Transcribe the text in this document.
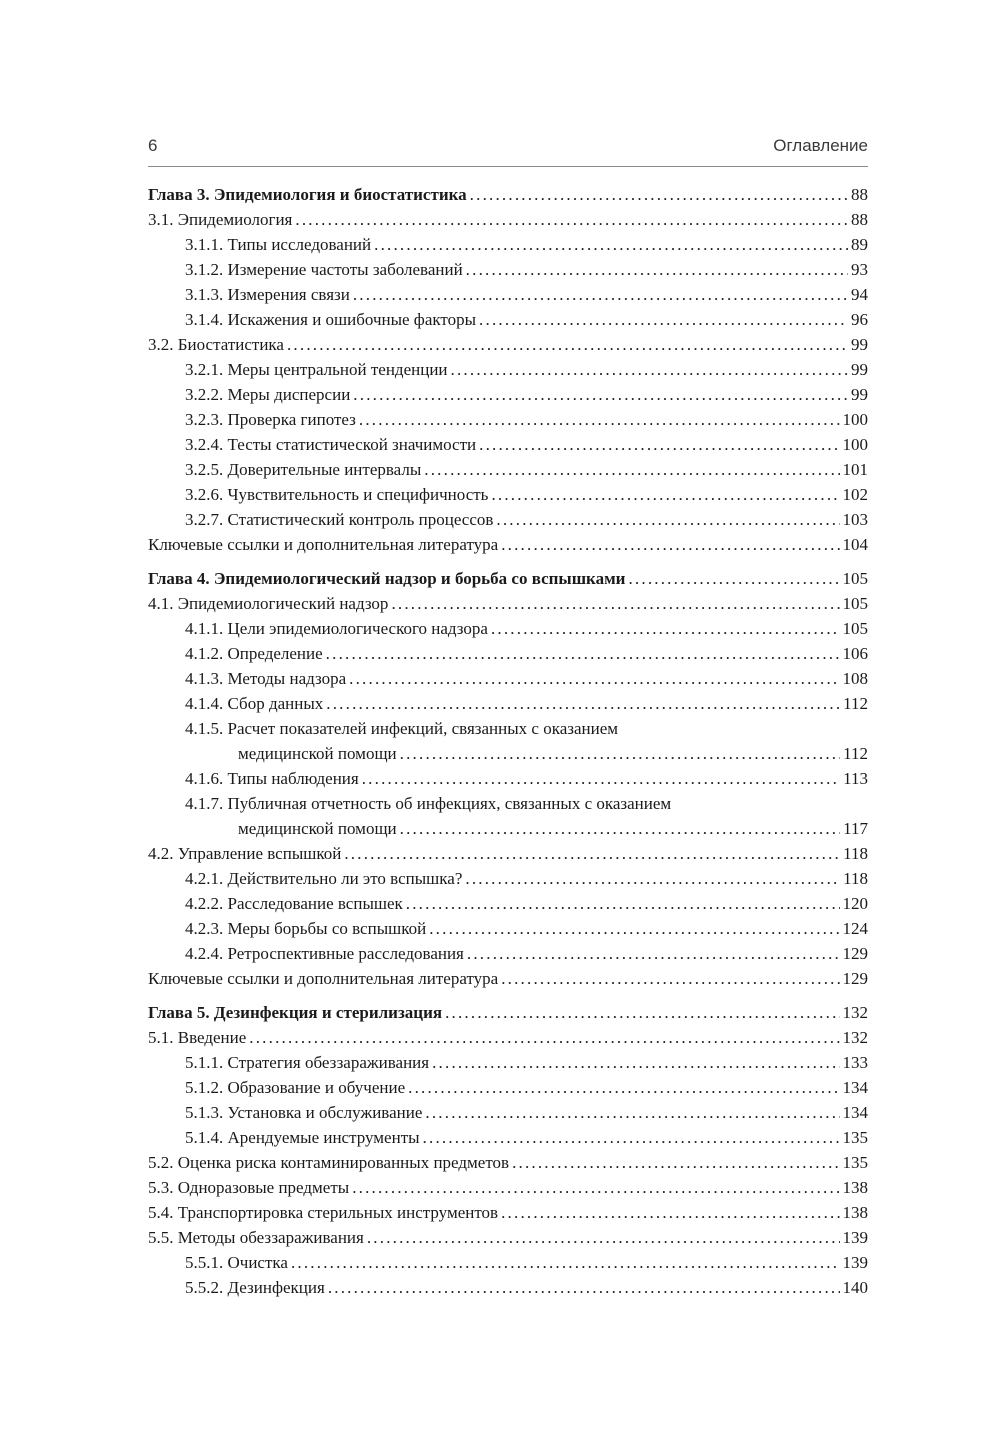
6	Оглавление
Глава 3. Эпидемиология и биостатистика .....	88
3.1. Эпидемиология .....	88
3.1.1. Типы исследований .....	89
3.1.2. Измерение частоты заболеваний .....	93
3.1.3. Измерения связи .....	94
3.1.4. Искажения и ошибочные факторы .....	96
3.2. Биостатистика .....	99
3.2.1. Меры центральной тенденции .....	99
3.2.2. Меры дисперсии .....	99
3.2.3. Проверка гипотез .....	100
3.2.4. Тесты статистической значимости .....	100
3.2.5. Доверительные интервалы .....	101
3.2.6. Чувствительность и специфичность .....	102
3.2.7. Статистический контроль процессов .....	103
Ключевые ссылки и дополнительная литература .....	104
Глава 4. Эпидемиологический надзор и борьба со вспышками .....	105
4.1. Эпидемиологический надзор .....	105
4.1.1. Цели эпидемиологического надзора .....	105
4.1.2. Определение .....	106
4.1.3. Методы надзора .....	108
4.1.4. Сбор данных .....	112
4.1.5. Расчет показателей инфекций, связанных с оказанием
медицинской помощи .....	112
4.1.6. Типы наблюдения .....	113
4.1.7. Публичная отчетность об инфекциях, связанных с оказанием
медицинской помощи .....	117
4.2. Управление вспышкой .....	118
4.2.1. Действительно ли это вспышка? .....	118
4.2.2. Расследование вспышек .....	120
4.2.3. Меры борьбы со вспышкой .....	124
4.2.4. Ретроспективные расследования .....	129
Ключевые ссылки и дополнительная литература .....	129
Глава 5. Дезинфекция и стерилизация .....	132
5.1. Введение .....	132
5.1.1. Стратегия обеззараживания .....	133
5.1.2. Образование и обучение .....	134
5.1.3. Установка и обслуживание .....	134
5.1.4. Арендуемые инструменты .....	135
5.2. Оценка риска контаминированных предметов .....	135
5.3. Одноразовые предметы .....	138
5.4. Транспортировка стерильных инструментов .....	138
5.5. Методы обеззараживания .....	139
5.5.1. Очистка .....	139
5.5.2. Дезинфекция .....	140
